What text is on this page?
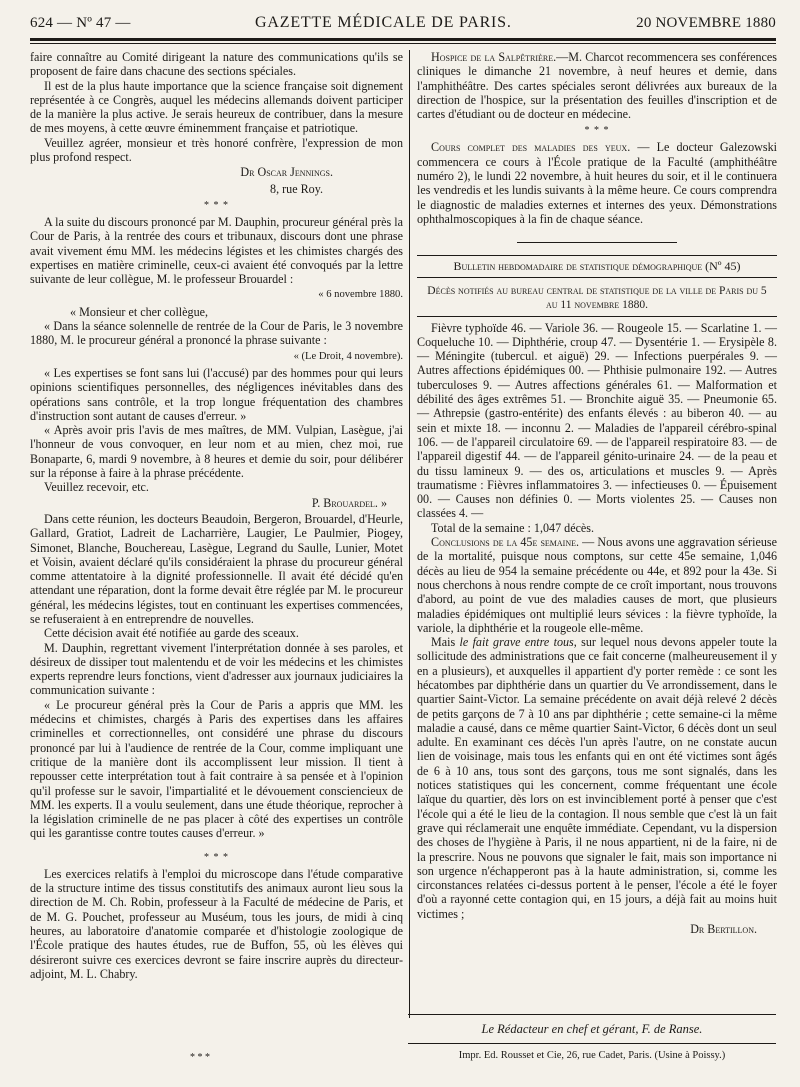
624 — Nº 47 —	GAZETTE MÉDICALE DE PARIS.	20 NOVEMBRE 1880

faire connaître au Comité dirigeant la nature des communications qu'ils se proposent de faire dans chacune des sections spéciales.

Il est de la plus haute importance que la science française soit dignement représentée à ce Congrès, auquel les médecins allemands doivent participer de la manière la plus active. Je serais heureux de contribuer, dans la mesure de mes moyens, à cette œuvre éminemment française et patriotique.

Veuillez agréer, monsieur et très honoré confrère, l'expression de mon plus profond respect.

Dr Oscar Jennings.
8, rue Roy.
* * *

A la suite du discours prononcé par M. Dauphin, procureur général près la Cour de Paris, à la rentrée des cours et tribunaux, discours dont une phrase avait vivement ému MM. les médecins légistes et les chimistes chargés des expertises en matière criminelle, ceux-ci avaient été convoqués par la lettre suivante de leur collègue, M. le professeur Brouardel :

« 6 novembre 1880.

« Monsieur et cher collègue,

« Dans la séance solennelle de rentrée de la Cour de Paris, le 3 novembre 1880, M. le procureur général a prononcé la phrase suivante :

« (Le Droit, 4 novembre).

« Les expertises se font sans lui (l'accusé) par des hommes pour qui leurs opinions scientifiques personnelles, des négligences inévitables dans des opérations sans contrôle, et la trop longue fréquentation des chambres d'instruction sont autant de causes d'erreur. »

« Après avoir pris l'avis de mes maîtres, de MM. Vulpian, Lasègue, j'ai l'honneur de vous convoquer, en leur nom et au mien, chez moi, rue Bonaparte, 6, mardi 9 novembre, à 8 heures et demie du soir, pour délibérer sur la réponse à faire à la phrase précédente.

Veuillez recevoir, etc.

P. Brouardel. »

Dans cette réunion, les docteurs Beaudoin, Bergeron, Brouardel, d'Heurle, Gallard, Gratiot, Ladreit de Lacharrière, Laugier, Le Paulmier, Piogey, Simonet, Blanche, Bouchereau, Lasègue, Legrand du Saulle, Lunier, Motet et Voisin, avaient déclaré qu'ils considéraient la phrase du procureur général comme attentatoire à la dignité professionnelle. Il avait été décidé qu'en attendant une réparation, dont la forme devait être réglée par M. le procureur général, les médecins légistes, tout en continuant les expertises commencées, se refuseraient à en entreprendre de nouvelles.

Cette décision avait été notifiée au garde des sceaux.

M. Dauphin, regrettant vivement l'interprétation donnée à ses paroles, et désireux de dissiper tout malentendu et de voir les médecins et les chimistes experts reprendre leurs fonctions, vient d'adresser aux journaux judiciaires la communication suivante :

« Le procureur général près la Cour de Paris a appris que MM. les médecins et chimistes, chargés à Paris des expertises dans les affaires criminelles et correctionnelles, ont considéré une phrase du discours prononcé par lui à l'audience de rentrée de la Cour, comme impliquant une critique de la manière dont ils accomplissent leur mission. Il tient à repousser cette interprétation tout à fait contraire à sa pensée et à l'opinion qu'il professe sur le savoir, l'impartialité et le dévouement consciencieux de MM. les experts. Il a voulu seulement, dans une étude théorique, reprocher à la législation criminelle de ne pas placer à côté des expertises un contrôle qui les garantisse contre toutes causes d'erreur. »

* * *

Les exercices relatifs à l'emploi du microscope dans l'étude comparative de la structure intime des tissus constitutifs des animaux auront lieu sous la direction de M. Ch. Robin, professeur à la Faculté de médecine de Paris, et de M. G. Pouchet, professeur au Muséum, tous les jours, de midi à cinq heures, au laboratoire d'anatomie comparée et d'histologie zoologique de l'École pratique des hautes études, rue de Buffon, 55, où les élèves qui désireront suivre ces exercices devront se faire inscrire auprès du directeur-adjoint, M. L. Chabry.

* * *

Hospice de la Salpêtrière.—M. Charcot recommencera ses conférences cliniques le dimanche 21 novembre, à neuf heures et demie, dans l'amphithéâtre. Des cartes spéciales seront délivrées aux bureaux de la direction de l'hospice, sur la présentation des feuilles d'inscription et de cartes d'étudiant ou de docteur en médecine.

* * *

Cours complet des maladies des yeux. — Le docteur Galezowski commencera ce cours à l'École pratique de la Faculté (amphithéâtre numéro 2), le lundi 22 novembre, à huit heures du soir, et il le continuera les vendredis et les lundis suivants à la même heure. Ce cours comprendra le diagnostic de maladies externes et internes des yeux. Démonstrations ophthalmoscopiques à la fin de chaque séance.

Bulletin hebdomadaire de statistique démographique (Nº 45)
Décès notifiés au bureau central de statistique de la ville de Paris du 5 au 11 novembre 1880.

Fièvre typhoïde 46. — Variole 36. — Rougeole 15. — Scarlatine 1. — Coqueluche 10. — Diphthérie, croup 47. — Dysentérie 1. — Erysipèle 8. — Méningite (tubercul. et aiguë) 29. — Infections puerpérales 9. — Autres affections épidémiques 00. — Phthisie pulmonaire 192. — Autres tuberculoses 9. — Autres affections générales 61. — Malformation et débilité des âges extrêmes 51. — Bronchite aiguë 35. — Pneumonie 65. — Athrepsie (gastro-entérite) des enfants élevés : au biberon 40. — au sein et mixte 18. — inconnu 2. — Maladies de l'appareil cérébro-spinal 106. — de l'appareil circulatoire 69. — de l'appareil respiratoire 83. — de l'appareil digestif 44. — de l'appareil génito-urinaire 24. — de la peau et du tissu lamineux 9. — des os, articulations et muscles 9. — Après traumatisme : Fièvres inflammatoires 3. — infectieuses 0. — Épuisement 00. — Causes non définies 0. — Morts violentes 25. — Causes non classées 4. —

Total de la semaine : 1,047 décès.

Conclusions de la 45e semaine. — Nous avons une aggravation sérieuse de la mortalité, puisque nous comptons, sur cette 45e semaine, 1,046 décès au lieu de 954 la semaine précédente ou 44e, et 892 pour la 43e. Si nous cherchons à nous rendre compte de ce croît important, nous trouvons d'abord, au point de vue des maladies causes de mort, que plusieurs maladies épidémiques ont multiplié leurs sévices : la fièvre typhoïde, la variole, la diphthérie et la rougeole elle-même.

Mais le fait grave entre tous, sur lequel nous devons appeler toute la sollicitude des administrations que ce fait concerne (malheureusement il y en a plusieurs), et auxquelles il appartient d'y porter remède : ce sont les hécatombes par diphthérie dans un quartier du Ve arrondissement, dans le quartier Saint-Victor. La semaine précédente on avait déjà relevé 2 décès de petits garçons de 7 à 10 ans par diphthérie ; cette semaine-ci la même maladie a causé, dans ce même quartier Saint-Victor, 6 décès dont un seul adulte. En examinant ces décès l'un après l'autre, on ne constate aucun lien de voisinage, mais tous les enfants qui en ont été victimes sont âgés de 6 à 10 ans, tous sont des garçons, tous me sont signalés, dans les notices statistiques qui les concernent, comme fréquentant une école laïque du quartier, dès lors on est invinciblement porté à penser que c'est l'école qui a été le lieu de la contagion. Il nous semble que c'est là un fait grave qui réclamerait une enquête immédiate. Cependant, vu la dispersion des choses de l'hygiène à Paris, il ne nous appartient, ni de la faire, ni de la prescrire. Nous ne pouvons que signaler le fait, mais son importance ni son urgence n'échapperont pas à la haute administration, si, comme les circonstances relatées ci-dessus portent à le penser, l'école a été le foyer d'où a rayonné cette contagion qui, en 15 jours, a déjà fait au moins huit victimes ;

Dr Bertillon.
Le Rédacteur en chef et gérant, F. de Ranse.
Impr. Ed. Rousset et Cie, 26, rue Cadet, Paris. (Usine à Poissy.)
